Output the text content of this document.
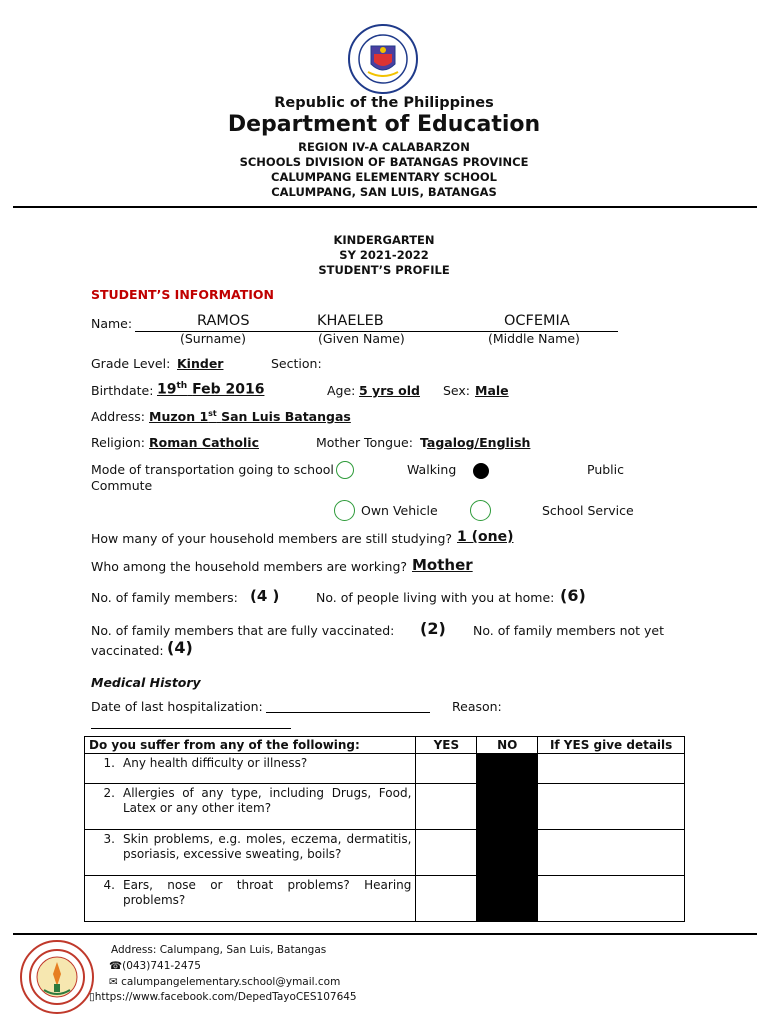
Republic of the Philippines
Department of Education
REGION IV-A CALABARZON
SCHOOLS DIVISION OF BATANGAS PROVINCE
CALUMPANG ELEMENTARY SCHOOL
CALUMPANG, SAN LUIS, BATANGAS
KINDERGARTEN
SY 2021-2022
STUDENT’S PROFILE
STUDENT’S INFORMATION
Name:	RAMOS	KHAELEB	OCFEMIA
(Surname)	(Given Name)	(Middle Name)
Grade Level: Kinder	Section:
Birthdate: 19th Feb 2016	Age: 5 yrs old Sex: Male
Address: Muzon 1st San Luis Batangas
Religion: Roman Catholic	Mother Tongue: Tagalog/English
Mode of transportation going to school	Walking	Public
Commute
Own Vehicle	School Service
How many of your household members are still studying? 1 (one)
Who among the household members are working? Mother
No. of family members: (4 )	No. of people living with you at home: (6)
No. of family members that are fully vaccinated: (2) No. of family members not yet
vaccinated: (4)
Medical History
Date of last hospitalization:	Reason:
Do you suffer from any of the following:	YES	NO	If YES give details

1. Any health difficulty or illness?			

2. Allergies of any type, including Drugs, Food, Latex or any other item?			

3. Skin problems, e.g. moles, eczema, dermatitis, psoriasis, excessive sweating, boils?			

4. Ears, nose or throat problems? Hearing problems?			

Address: Calumpang, San Luis, Batangas
☎(043)741-2475
✉ calumpangelementary.school@ymail.com
▯https://www.facebook.com/DepedTayoCES107645
